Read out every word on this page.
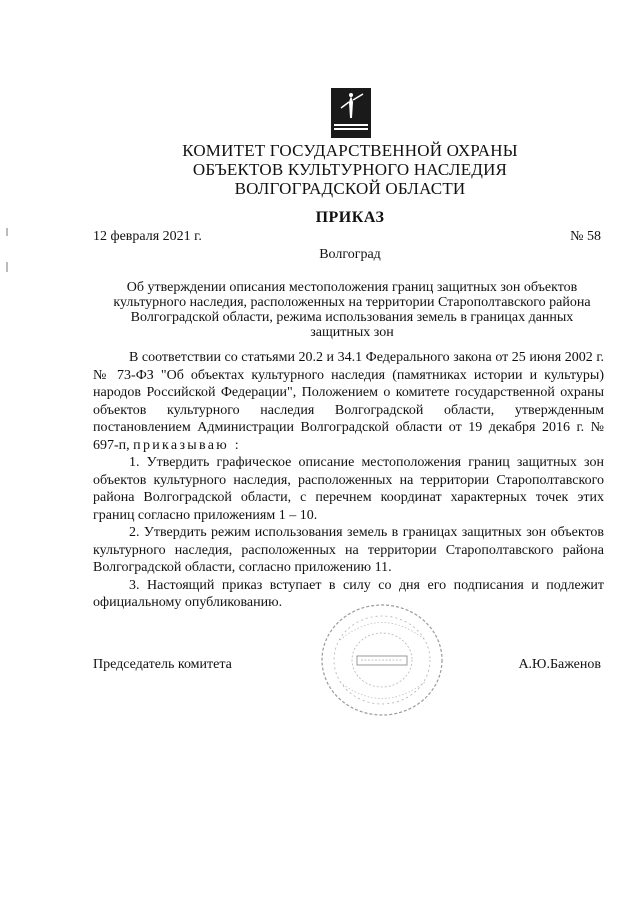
КОМИТЕТ ГОСУДАРСТВЕННОЙ ОХРАНЫ
ОБЪЕКТОВ КУЛЬТУРНОГО НАСЛЕДИЯ
ВОЛГОГРАДСКОЙ ОБЛАСТИ
ПРИКАЗ
12 февраля 2021 г.	№ 58
Волгоград
Об утверждении описания местоположения границ защитных зон объектов культурного наследия, расположенных на территории Старополтавского района Волгоградской области, режима использования земель в границах данных защитных зон

В соответствии со статьями 20.2 и 34.1 Федерального закона от 25 июня 2002 г. № 73-ФЗ "Об объектах культурного наследия (памятниках истории и культуры) народов Российской Федерации", Положением о комитете государственной охраны объектов культурного наследия Волгоградской области, утвержденным постановлением Администрации Волгоградской области от 19 декабря 2016 г. № 697-п, приказываю :

1. Утвердить графическое описание местоположения границ защитных зон объектов культурного наследия, расположенных на территории Старополтавского района Волгоградской области, с перечнем координат характерных точек этих границ согласно приложениям 1 – 10.

2. Утвердить режим использования земель в границах защитных зон объектов культурного наследия, расположенных на территории Старополтавского района Волгоградской области, согласно приложению 11.

3. Настоящий приказ вступает в силу со дня его подписания и подлежит официальному опубликованию.

Председатель комитета	А.Ю.Баженов
